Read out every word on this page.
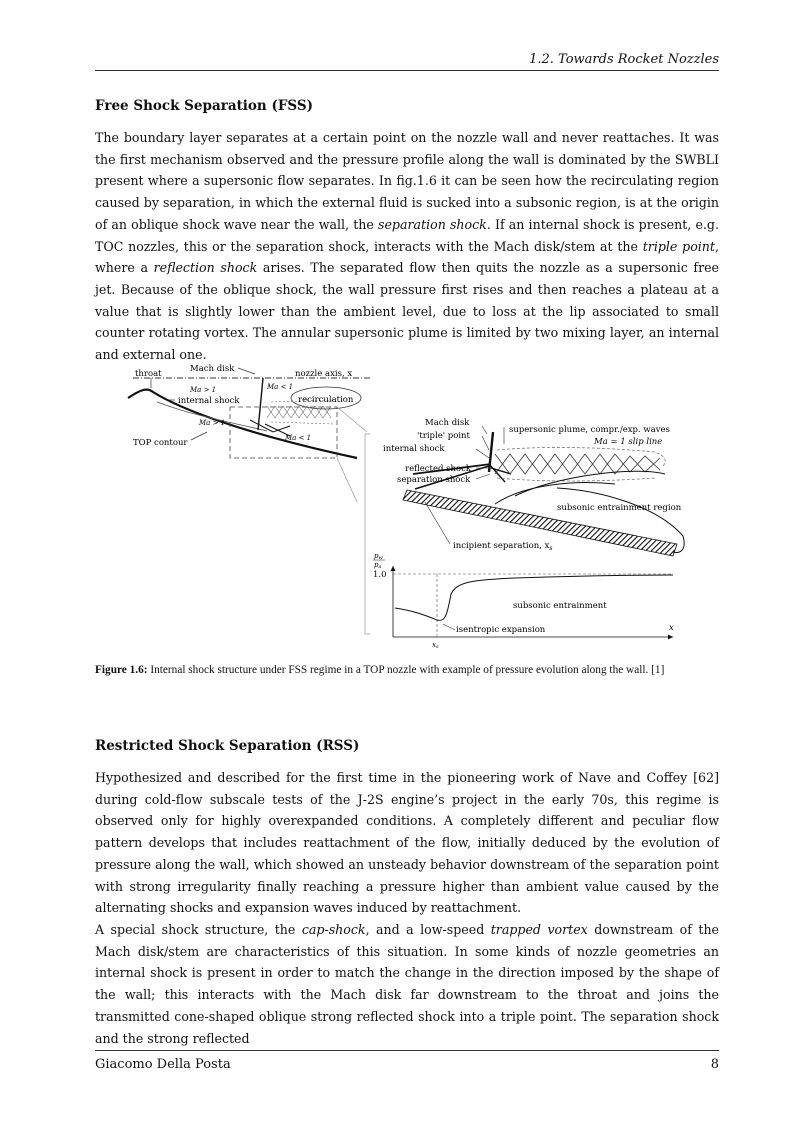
1.2. Towards Rocket Nozzles
Free Shock Separation (FSS)

The boundary layer separates at a certain point on the nozzle wall and never reattaches. It was the first mechanism observed and the pressure profile along the wall is dominated by the SWBLI present where a supersonic flow separates. In fig.1.6 it can be seen how the recirculating region caused by separation, in which the external fluid is sucked into a subsonic region, is at the origin of an oblique shock wave near the wall, the separation shock. If an internal shock is present, e.g. TOC nozzles, this or the separation shock, interacts with the Mach disk/stem at the triple point, where a reflection shock arises. The separated flow then quits the nozzle as a supersonic free jet. Because of the oblique shock, the wall pressure first rises and then reaches a plateau at a value that is slightly lower than the ambient level, due to loss at the lip associated to small counter rotating vortex. The annular supersonic plume is limited by two mixing layer, an internal and external one.

throat	Mach disk	nozzle axis, x
Ma > 1	Ma < 1
internal shock	recirculation
Ma > 1
TOP contour	Ma < 1
Mach disk
'triple' point
internal shock
supersonic plume, compr./exp. waves
Ma = 1 slip line
reflected shock
separation shock
subsonic entrainment region
incipient separation, $x_s$
pw
pa
1.0
subsonic entrainment
isentropic expansion	x
xs
Figure 1.6: Internal shock structure under FSS regime in a TOP nozzle with example of pressure evolution along the wall. [1]
Restricted Shock Separation (RSS)

Hypothesized and described for the first time in the pioneering work of Nave and Coffey [62] during cold-flow subscale tests of the J-2S engine’s project in the early 70s, this regime is observed only for highly overexpanded conditions. A completely different and peculiar flow pattern develops that includes reattachment of the flow, initially deduced by the evolution of pressure along the wall, which showed an unsteady behavior downstream of the separation point with strong irregularity finally reaching a pressure higher than ambient value caused by the alternating shocks and expansion waves induced by reattachment.

A special shock structure, the cap-shock, and a low-speed trapped vortex downstream of the Mach disk/stem are characteristics of this situation. In some kinds of nozzle geometries an internal shock is present in order to match the change in the direction imposed by the shape of the wall; this interacts with the Mach disk far downstream to the throat and joins the transmitted cone-shaped oblique strong reflected shock into a triple point. The separation shock and the strong reflected

Giacomo Della Posta	8
